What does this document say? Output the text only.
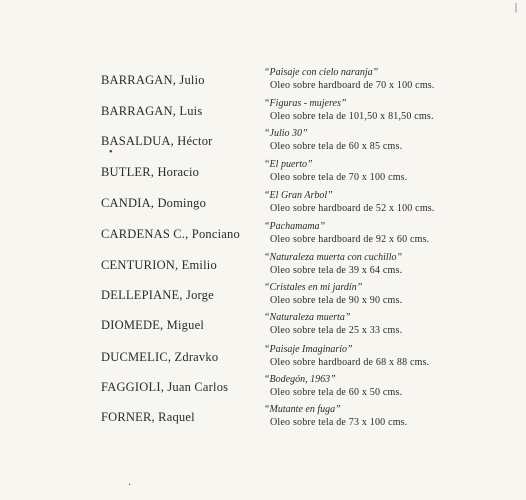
BARRAGAN, Julio
“Paisaje con cielo naranja”
Oleo sobre hardboard de 70 x 100 cms.
BARRAGAN, Luis
“Figuras - mujeres”
Oleo sobre tela de 101,50 x 81,50 cms.
BASALDUA, Héctor
“Julio 30”
Oleo sobre tela de 60 x 85 cms.
BUTLER, Horacio
“El puerto”
Oleo sobre tela de 70 x 100 cms.
CANDIA, Domingo
“El Gran Arbol”
Oleo sobre hardboard de 52 x 100 cms.
CARDENAS C., Ponciano
“Pachamama”
Oleo sobre hardboard de 92 x 60 cms.
CENTURION, Emilio
“Naturaleza muerta con cuchillo”
Oleo sobre tela de 39 x 64 cms.
DELLEPIANE, Jorge
“Cristales en mi jardín”
Oleo sobre tela de 90 x 90 cms.
DIOMEDE, Miguel
“Naturaleza muerta”
Oleo sobre tela de 25 x 33 cms.
DUCMELIC, Zdravko
“Paisaje Imaginario”
Oleo sobre hardboard de 68 x 88 cms.
FAGGIOLI, Juan Carlos
“Bodegón, 1963”
Oleo sobre tela de 60 x 50 cms.
FORNER, Raquel
“Mutante en fuga”
Oleo sobre tela de 73 x 100 cms.
•
|
·
